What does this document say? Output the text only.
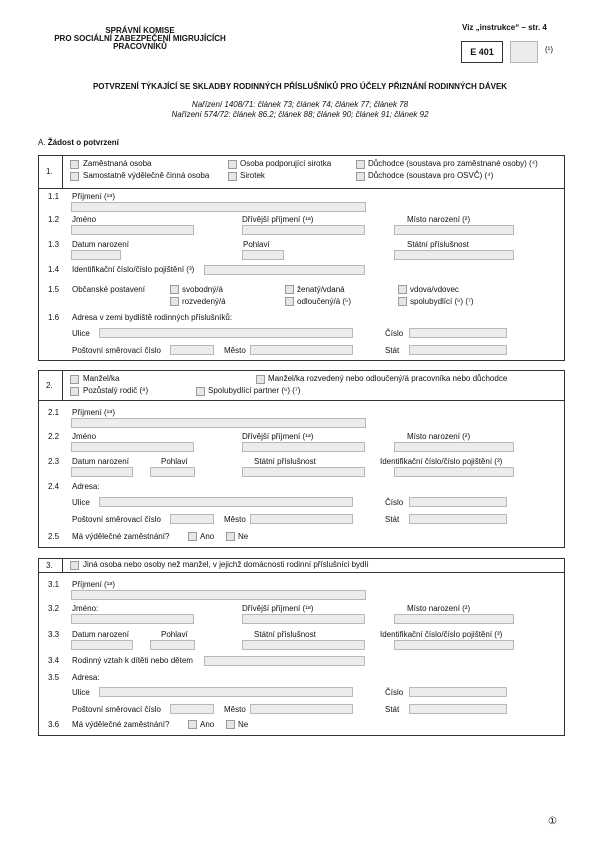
SPRÁVNÍ KOMISE
PRO SOCIÁLNÍ ZABEZPEČENÍ MIGRUJÍCÍCH
PRACOVNÍKŮ
Viz „instrukce“ – str. 4
E 401	(¹)
POTVRZENÍ TÝKAJÍCÍ SE SKLADBY RODINNÝCH PŘÍSLUŠNÍKŮ PRO ÚČELY PŘIZNÁNÍ RODINNÝCH DÁVEK
Nařízení 1408/71: článek 73; článek 74; článek 77; článek 78
Nařízení 574/72: článek 86.2; článek 88; článek 90; článek 91; článek 92
A. Žádost o potvrzení
1.
Zaměstnaná osoba	Osoba podporující sirotka	Důchodce (soustava pro zaměstnané osoby) (⁴)
Samostatně výdělečně činná osoba	Sirotek	Důchodce (soustava pro OSVČ) (⁴)
1.1 Příjmení (¹ᵃ)
1.2 Jméno	Dřívější příjmení (¹ᵃ)	Místo narození (²)
1.3 Datum narození	Pohlaví	Státní příslušnost
1.4 Identifikační číslo/číslo pojištění (³)
1.5 Občanské postavení	svobodný/á	ženatý/vdaná	vdova/vdovec
rozvedený/á	odloučený/á (⁵)	spolubydlící (⁶) (⁷)
1.6 Adresa v zemi bydliště rodinných příslušníků:
Ulice	Číslo
Poštovní směrovací číslo	Město	Stát
2.
Manžel/ka	Manžel/ka rozvedený nebo odloučený/á pracovníka nebo důchodce
Pozůstalý rodič (⁸)	Spolubydlící partner (⁶) (⁷)
2.1 Příjmení (¹ᵃ)
2.2 Jméno	Dřívější příjmení (¹ᵃ)	Místo narození (²)
2.3 Datum narození	Pohlaví	Státní příslušnost	Identifikační číslo/číslo pojištění (³)
2.4 Adresa:
Ulice	Číslo
Poštovní směrovací číslo	Město	Stát
2.5 Má výdělečné zaměstnání?	Ano	Ne
3.	Jiná osoba nebo osoby než manžel, v jejichž domácnosti rodinní příslušníci bydlí
3.1 Příjmení (¹ᵃ)
3.2 Jméno:	Dřívější příjmení (¹ᵃ)	Místo narození (²)
3.3 Datum narození	Pohlaví	Státní příslušnost	Identifikační číslo/číslo pojištění (³)
3.4 Rodinný vztah k dítěti nebo dětem
3.5 Adresa:
Ulice	Číslo
Poštovní směrovací číslo	Město	Stát
3.6 Má výdělečné zaměstnání?	Ano	Ne
①
